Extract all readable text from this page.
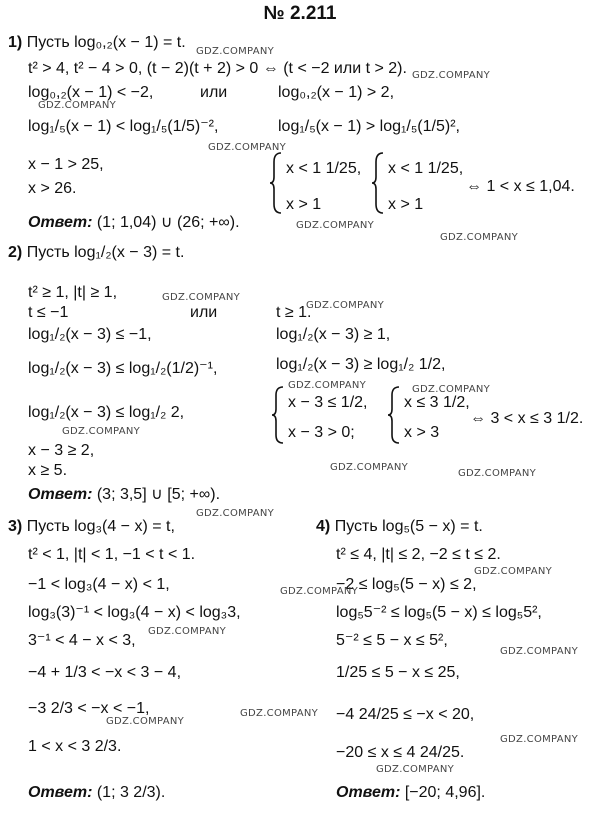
№ 2.211
1) Пусть log₀,₂(x − 1) = t.
t² > 4, t² − 4 > 0, (t − 2)(t + 2) > 0 ⇔ (t < −2 или t > 2).
log₀,₂(x − 1) < −2,	или	log₀,₂(x − 1) > 2,
log₁/₅(x − 1) < log₁/₅(1/5)⁻²,	log₁/₅(x − 1) > log₁/₅(1/5)²,
x − 1 > 25,
x > 26.
x < 1 1/25,
x > 1
x < 1 1/25,
x > 1
⇔ 1 < x ≤ 1,04.
Ответ: (1; 1,04) ∪ (26; +∞).
2) Пусть log₁/₂(x − 3) = t.
t² ≥ 1, |t| ≥ 1,
t ≤ −1	или	t ≥ 1.
log₁/₂(x − 3) ≤ −1,	log₁/₂(x − 3) ≥ 1,
log₁/₂(x − 3) ≤ log₁/₂(1/2)⁻¹,	log₁/₂(x − 3) ≥ log₁/₂ 1/2,
log₁/₂(x − 3) ≤ log₁/₂ 2,
x − 3 ≤ 1/2,
x − 3 > 0;
x ≤ 3 1/2,
x > 3
⇔ 3 < x ≤ 3 1/2.
x − 3 ≥ 2,
x ≥ 5.
Ответ: (3; 3,5] ∪ [5; +∞).
3) Пусть log₃(4 − x) = t,
t² < 1, |t| < 1, −1 < t < 1.
−1 < log₃(4 − x) < 1,
log₃(3)⁻¹ < log₃(4 − x) < log₃3,
3⁻¹ < 4 − x < 3,
−4 + 1/3 < −x < 3 − 4,
−3 2/3 < −x < −1,
1 < x < 3 2/3.
Ответ: (1; 3 2/3).
4) Пусть log₅(5 − x) = t.
t² ≤ 4, |t| ≤ 2, −2 ≤ t ≤ 2.
−2 ≤ log₅(5 − x) ≤ 2,
log₅5⁻² ≤ log₅(5 − x) ≤ log₅5²,
5⁻² ≤ 5 − x ≤ 5²,
1/25 ≤ 5 − x ≤ 25,
−4 24/25 ≤ −x < 20,
−20 ≤ x ≤ 4 24/25.
Ответ: [−20; 4,96].
GDZ.COMPANY
GDZ.COMPANY
GDZ.COMPANY
GDZ.COMPANY
GDZ.COMPANY
GDZ.COMPANY
GDZ.COMPANY
GDZ.COMPANY
GDZ.COMPANY	GDZ.COMPANY
GDZ.COMPANY
GDZ.COMPANY
GDZ.COMPANY
GDZ.COMPANY
GDZ.COMPANY
GDZ.COMPANY
GDZ.COMPANY
GDZ.COMPANY
GDZ.COMPANY
GDZ.COMPANY
GDZ.COMPANY
GDZ.COMPANY
